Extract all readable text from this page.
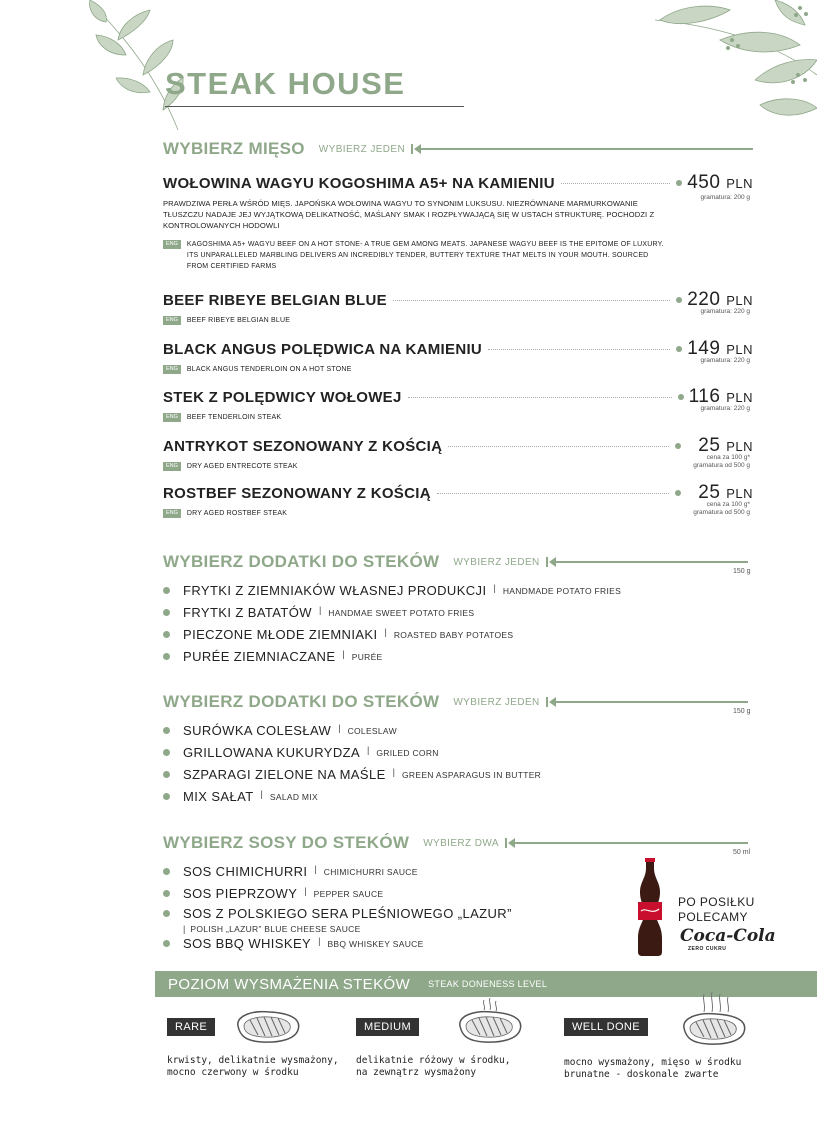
STEAK HOUSE
WYBIERZ MIĘSO WYBIERZ JEDEN
WOŁOWINA WAGYU KOGOSHIMA A5+ NA KAMIENIU	450 PLN
gramatura: 200 g
PRAWDZIWA PERŁA WŚRÓD MIĘS. JAPOŃSKA WOŁOWINA WAGYU TO SYNONIM LUKSUSU. NIEZRÓWNANE MARMURKOWANIE TŁUSZCZU NADAJE JEJ WYJĄTKOWĄ DELIKATNOŚĆ, MAŚLANY SMAK I ROZPŁYWAJĄCĄ SIĘ W USTACH STRUKTURĘ. POCHODZI Z KONTROLOWANYCH HODOWLI
ENG	KAGOSHIMA A5+ WAGYU BEEF ON A HOT STONE- A TRUE GEM AMONG MEATS. JAPANESE WAGYU BEEF IS THE EPITOME OF LUXURY. ITS UNPARALLELED MARBLING DELIVERS AN INCREDIBLY TENDER, BUTTERY TEXTURE THAT MELTS IN YOUR MOUTH. SOURCED FROM CERTIFIED FARMS
BEEF RIBEYE BELGIAN BLUE	220 PLN
gramatura: 220 g
ENG	BEEF RIBEYE BELGIAN BLUE
BLACK ANGUS POLĘDWICA NA KAMIENIU	149 PLN
gramatura: 220 g
ENG	BLACK ANGUS TENDERLOIN ON A HOT STONE
STEK Z POLĘDWICY WOŁOWEJ	116 PLN
gramatura: 220 g
ENG	BEEF TENDERLOIN STEAK
ANTRYKOT SEZONOWANY Z KOŚCIĄ	25 PLN
cena za 100 g*
gramatura od 500 g
ENG	DRY AGED ENTRECOTE STEAK
ROSTBEF SEZONOWANY Z KOŚCIĄ	25 PLN
cena za 100 g*
gramatura od 500 g
ENG	DRY AGED ROSTBEF STEAK
WYBIERZ DODATKI DO STEKÓW WYBIERZ JEDEN
150 g
FRYTKI Z ZIEMNIAKÓW WŁASNEJ PRODUKCJI | HANDMADE POTATO FRIES
FRYTKI Z BATATÓW | HANDMAE SWEET POTATO FRIES
PIECZONE MŁODE ZIEMNIAKI | ROASTED BABY POTATOES
PURÉE ZIEMNIACZANE | PURÉE
WYBIERZ DODATKI DO STEKÓW WYBIERZ JEDEN
150 g
SURÓWKA COLESŁAW | COLESLAW
GRILLOWANA KUKURYDZA | GRILED CORN
SZPARAGI ZIELONE NA MAŚLE | GREEN ASPARAGUS IN BUTTER
MIX SAŁAT | SALAD MIX
WYBIERZ SOSY DO STEKÓW WYBIERZ DWA
50 ml
SOS CHIMICHURRI | CHIMICHURRI SAUCE
SOS PIEPRZOWY | PEPPER SAUCE
SOS Z POLSKIEGO SERA PLEŚNIOWEGO „LAZUR”
| POLISH „LAZUR” BLUE CHEESE SAUCE
SOS BBQ WHISKEY | BBQ WHISKEY SAUCE
PO POSIŁKU
POLECAMY
Coca-Cola
ZERO CUKRU
POZIOM WYSMAŻENIA STEKÓW STEAK DONENESS LEVEL
RARE
krwisty, delikatnie wysmażony,
mocno czerwony w środku
MEDIUM
delikatnie różowy w środku,
na zewnątrz wysmażony
WELL DONE
mocno wysmażony, mięso w środku
brunatne - doskonale zwarte
